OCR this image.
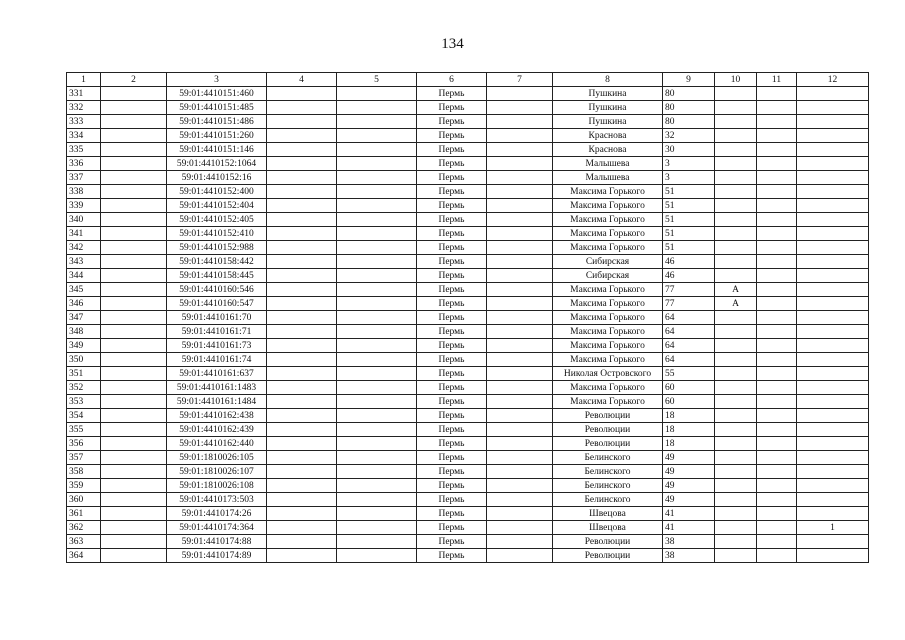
134
1	2	3	4	5	6	7	8	9	10	11	12
331		59:01:4410151:460			Пермь		Пушкина	80			
332		59:01:4410151:485			Пермь		Пушкина	80			
333		59:01:4410151:486			Пермь		Пушкина	80			
334		59:01:4410151:260			Пермь		Краснова	32			
335		59:01:4410151:146			Пермь		Краснова	30			
336		59:01:4410152:1064			Пермь		Малышева	3			
337		59:01:4410152:16			Пермь		Малышева	3			
338		59:01:4410152:400			Пермь		Максима Горького	51			
339		59:01:4410152:404			Пермь		Максима Горького	51			
340		59:01:4410152:405			Пермь		Максима Горького	51			
341		59:01:4410152:410			Пермь		Максима Горького	51			
342		59:01:4410152:988			Пермь		Максима Горького	51			
343		59:01:4410158:442			Пермь		Сибирская	46			
344		59:01:4410158:445			Пермь		Сибирская	46			
345		59:01:4410160:546			Пермь		Максима Горького	77	А		
346		59:01:4410160:547			Пермь		Максима Горького	77	А		
347		59:01:4410161:70			Пермь		Максима Горького	64			
348		59:01:4410161:71			Пермь		Максима Горького	64			
349		59:01:4410161:73			Пермь		Максима Горького	64			
350		59:01:4410161:74			Пермь		Максима Горького	64			
351		59:01:4410161:637			Пермь		Николая Островского	55			
352		59:01:4410161:1483			Пермь		Максима Горького	60			
353		59:01:4410161:1484			Пермь		Максима Горького	60			
354		59:01:4410162:438			Пермь		Революции	18			
355		59:01:4410162:439			Пермь		Революции	18			
356		59:01:4410162:440			Пермь		Революции	18			
357		59:01:1810026:105			Пермь		Белинского	49			
358		59:01:1810026:107			Пермь		Белинского	49			
359		59:01:1810026:108			Пермь		Белинского	49			
360		59:01:4410173:503			Пермь		Белинского	49			
361		59:01:4410174:26			Пермь		Швецова	41			
362		59:01:4410174:364			Пермь		Швецова	41			1
363		59:01:4410174:88			Пермь		Революции	38			
364		59:01:4410174:89			Пермь		Революции	38			
